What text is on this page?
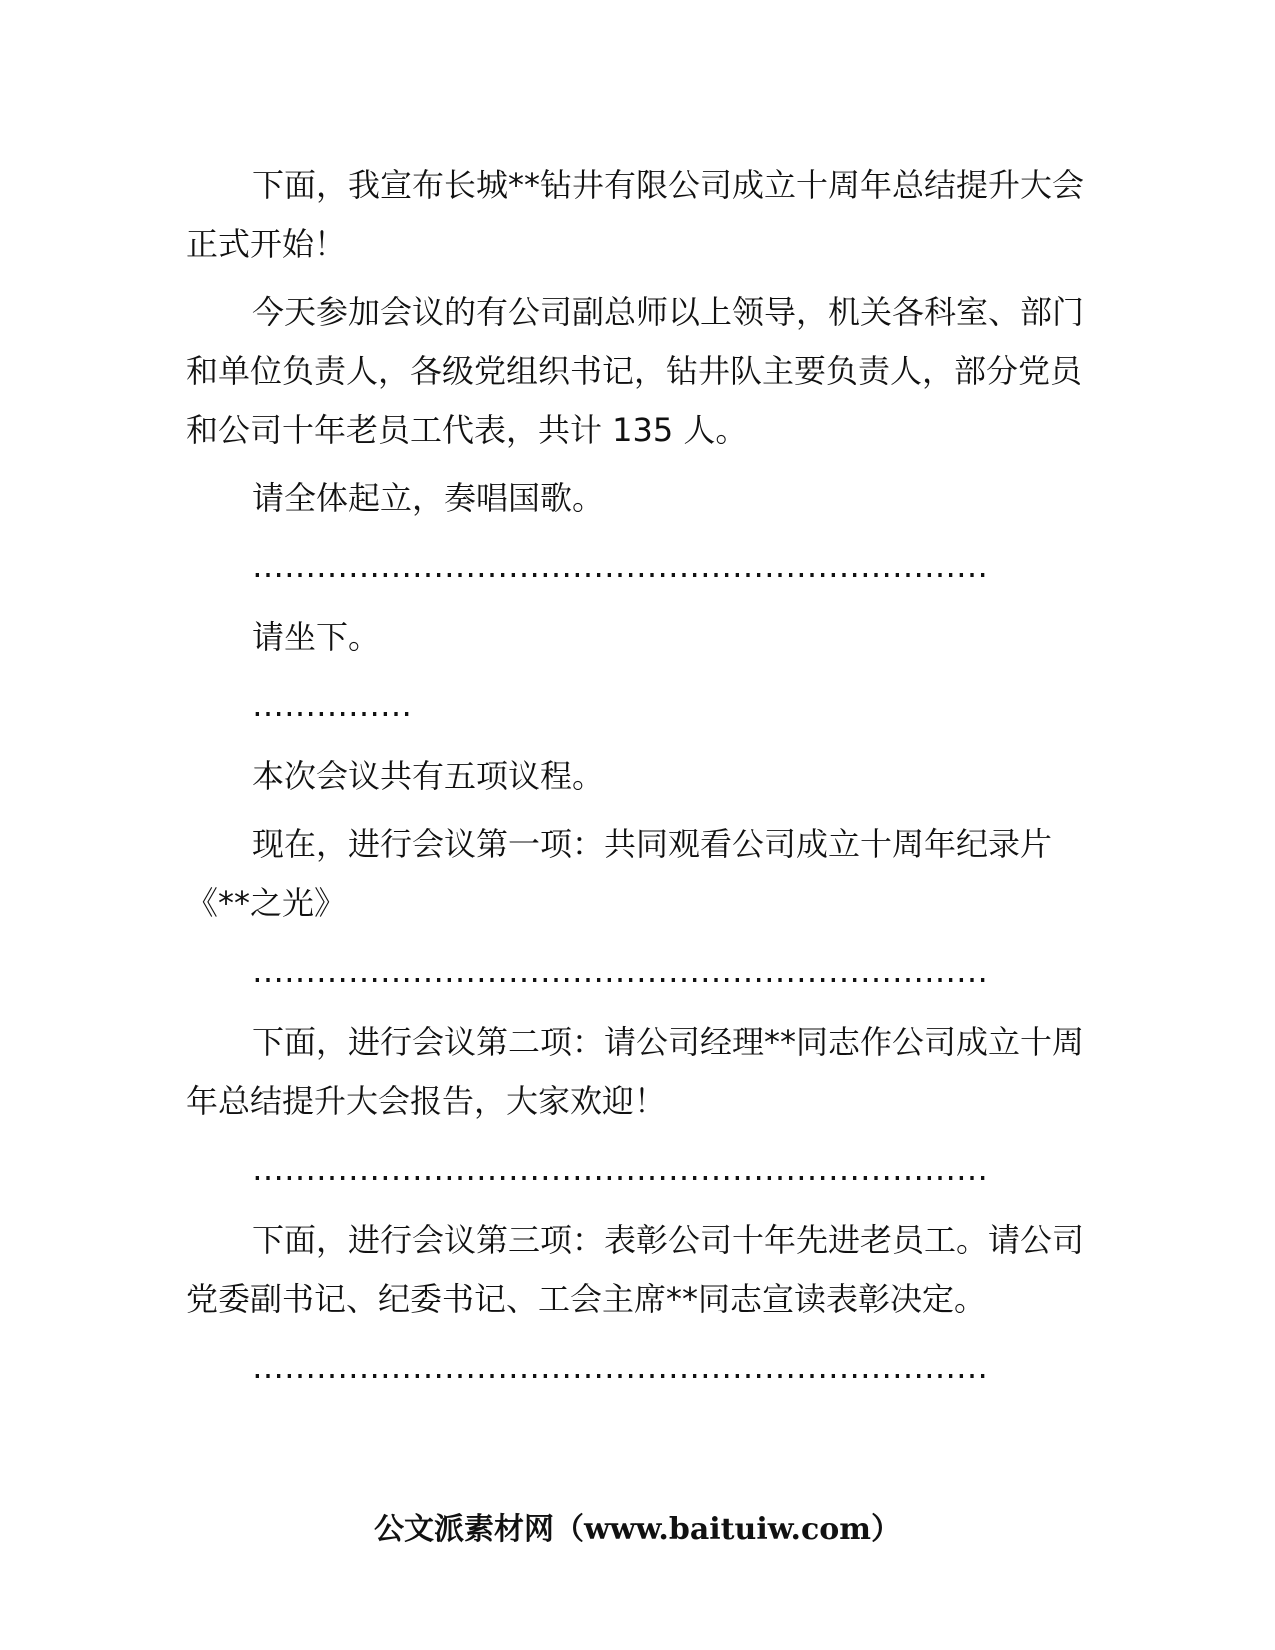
下面，我宣布长城**钻井有限公司成立十周年总结提升大会正式开始！

今天参加会议的有公司副总师以上领导，机关各科室、部门和单位负责人，各级党组织书记，钻井队主要负责人，部分党员和公司十年老员工代表，共计 135 人。

请全体起立，奏唱国歌。

……………………………………………………………

请坐下。

……………

本次会议共有五项议程。

现在，进行会议第一项：共同观看公司成立十周年纪录片《**之光》

……………………………………………………………

下面，进行会议第二项：请公司经理**同志作公司成立十周年总结提升大会报告，大家欢迎！

……………………………………………………………

下面，进行会议第三项：表彰公司十年先进老员工。请公司党委副书记、纪委书记、工会主席**同志宣读表彰决定。

……………………………………………………………

公文派素材网（www.baituiw.com）
